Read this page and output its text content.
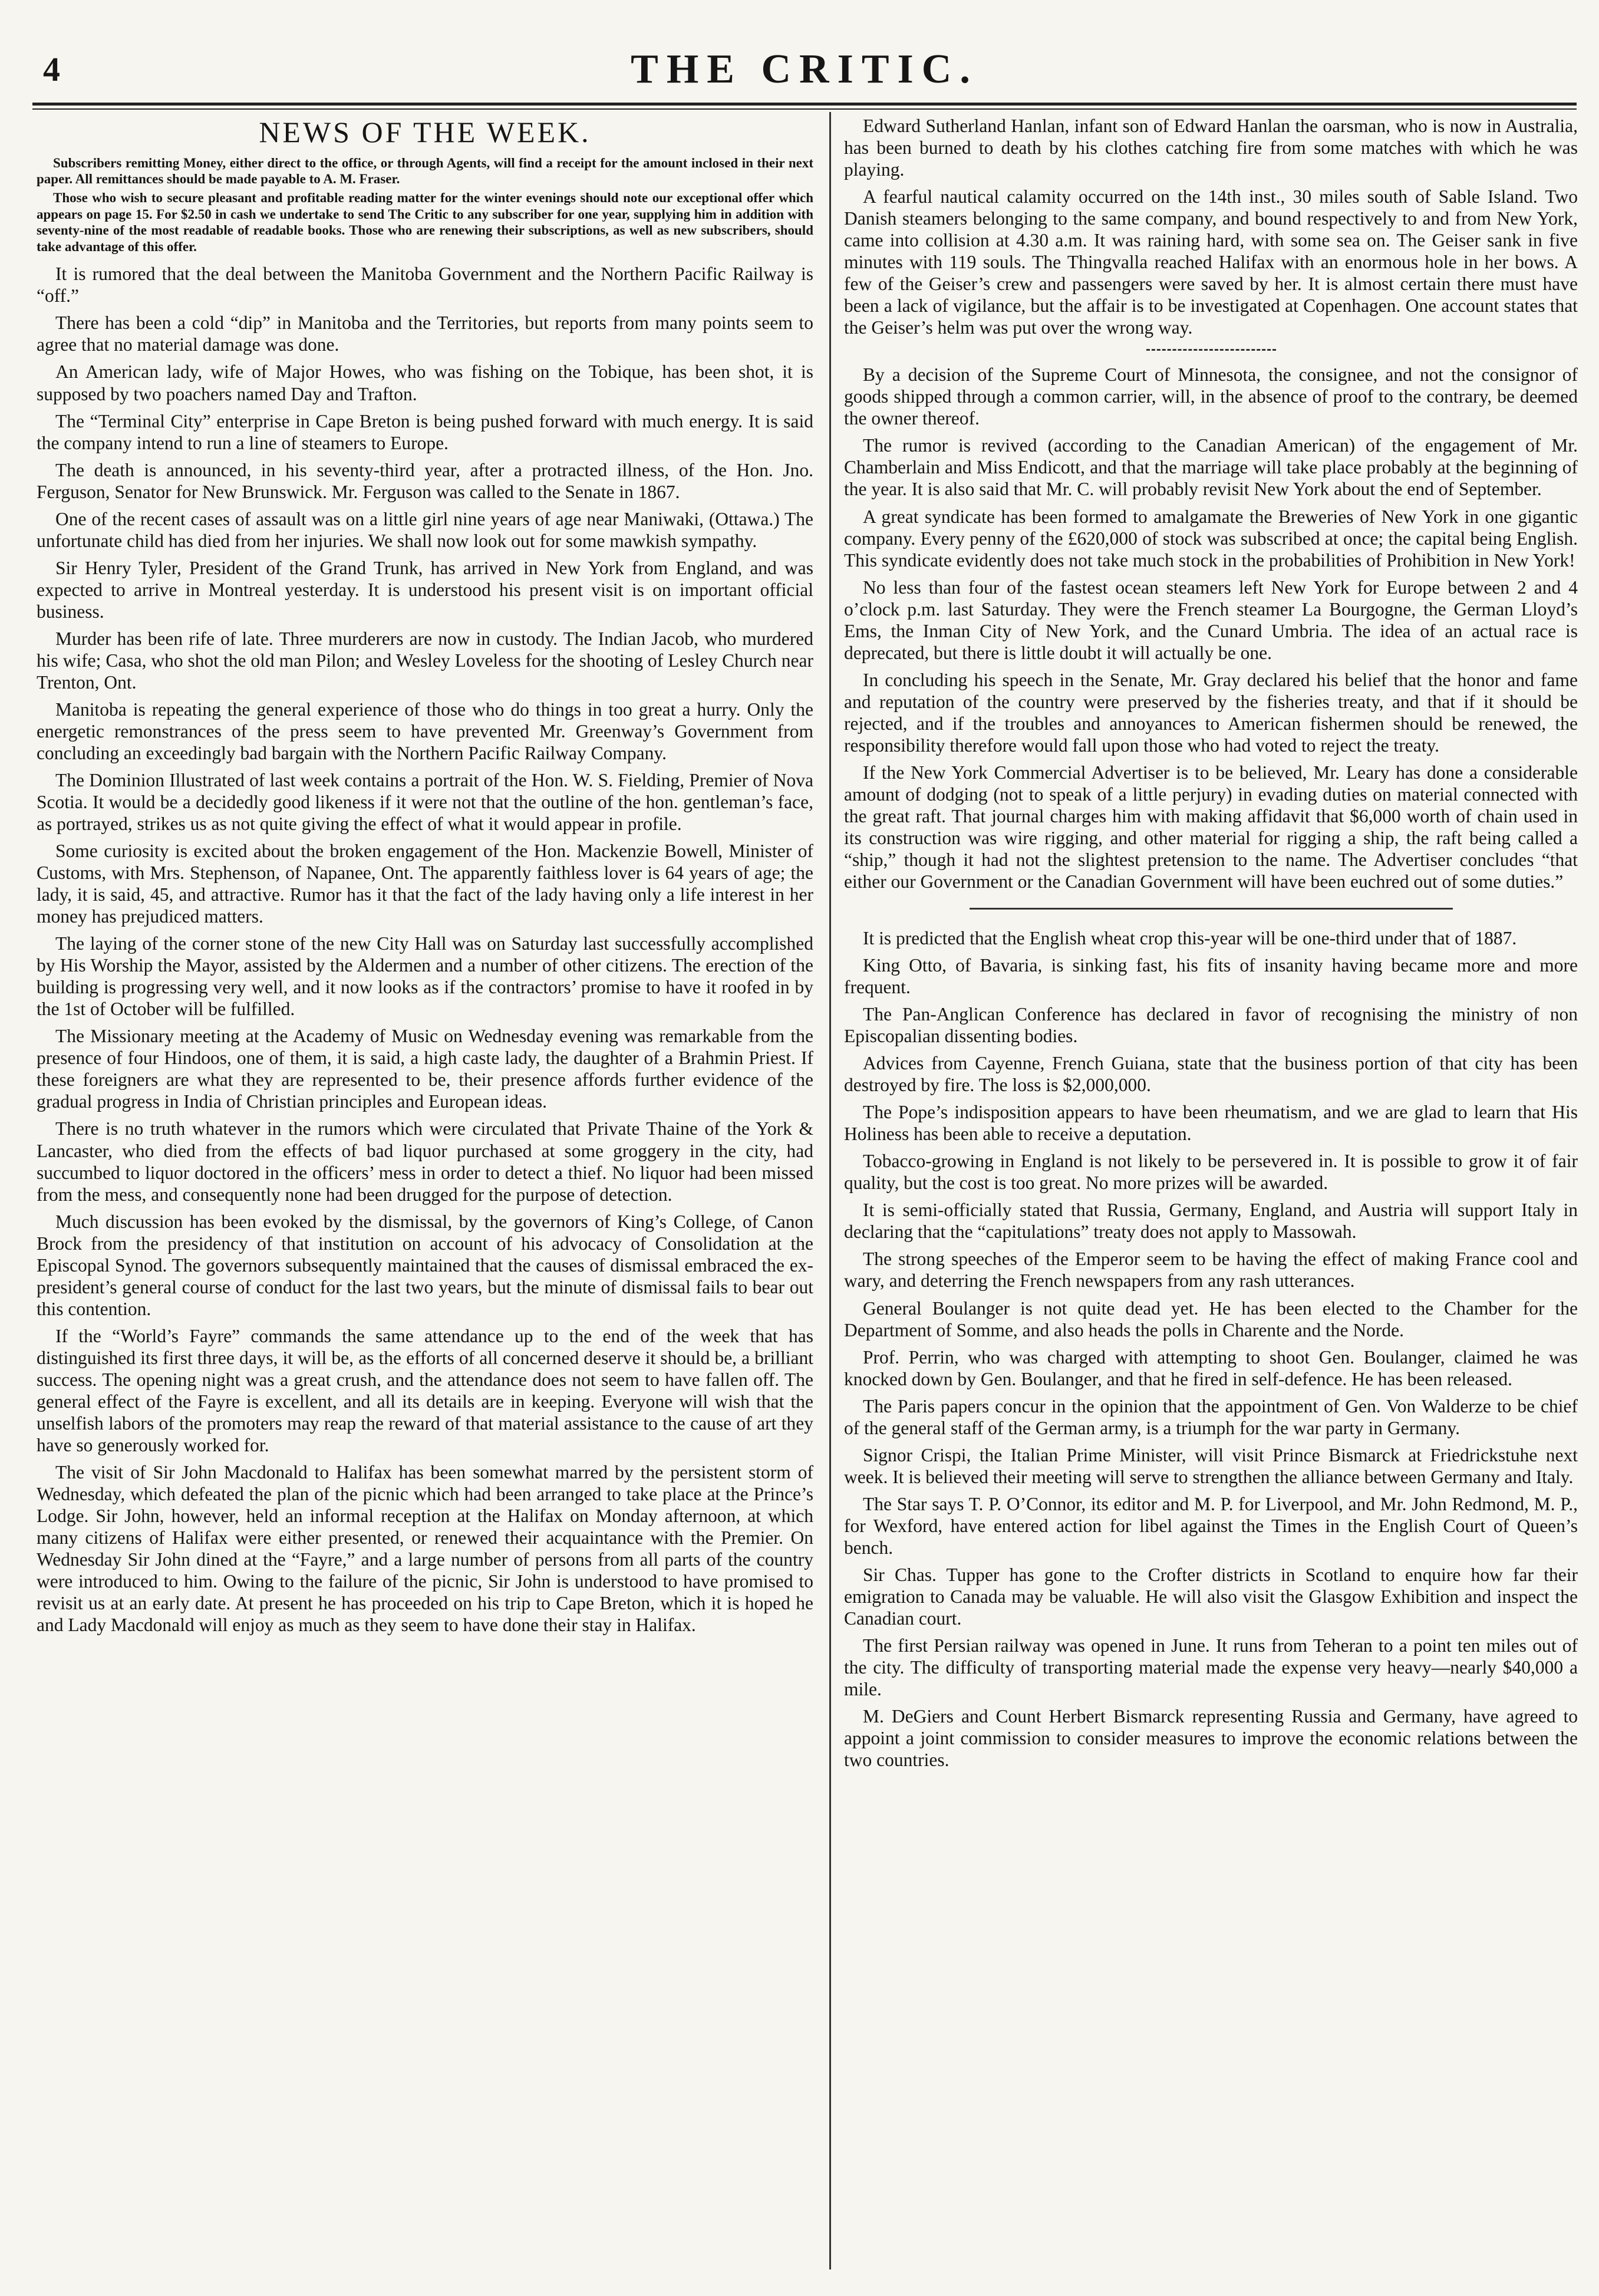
4	THE CRITIC.

NEWS OF THE WEEK.

Subscribers remitting Money, either direct to the office, or through Agents, will find a receipt for the amount inclosed in their next paper. All remittances should be made payable to A. M. Fraser.

Those who wish to secure pleasant and profitable reading matter for the winter evenings should note our exceptional offer which appears on page 15. For $2.50 in cash we undertake to send The Critic to any subscriber for one year, supplying him in addition with seventy-nine of the most readable of readable books. Those who are renewing their subscriptions, as well as new subscribers, should take advantage of this offer.

It is rumored that the deal between the Manitoba Government and the Northern Pacific Railway is “off.”

There has been a cold “dip” in Manitoba and the Territories, but reports from many points seem to agree that no material damage was done.

An American lady, wife of Major Howes, who was fishing on the Tobique, has been shot, it is supposed by two poachers named Day and Trafton.

The “Terminal City” enterprise in Cape Breton is being pushed forward with much energy. It is said the company intend to run a line of steamers to Europe.

The death is announced, in his seventy-third year, after a protracted illness, of the Hon. Jno. Ferguson, Senator for New Brunswick. Mr. Ferguson was called to the Senate in 1867.

One of the recent cases of assault was on a little girl nine years of age near Maniwaki, (Ottawa.) The unfortunate child has died from her injuries. We shall now look out for some mawkish sympathy.

Sir Henry Tyler, President of the Grand Trunk, has arrived in New York from England, and was expected to arrive in Montreal yesterday. It is understood his present visit is on important official business.

Murder has been rife of late. Three murderers are now in custody. The Indian Jacob, who murdered his wife; Casa, who shot the old man Pilon; and Wesley Loveless for the shooting of Lesley Church near Trenton, Ont.

Manitoba is repeating the general experience of those who do things in too great a hurry. Only the energetic remonstrances of the press seem to have prevented Mr. Greenway’s Government from concluding an exceedingly bad bargain with the Northern Pacific Railway Company.

The Dominion Illustrated of last week contains a portrait of the Hon. W. S. Fielding, Premier of Nova Scotia. It would be a decidedly good likeness if it were not that the outline of the hon. gentleman’s face, as portrayed, strikes us as not quite giving the effect of what it would appear in profile.

Some curiosity is excited about the broken engagement of the Hon. Mackenzie Bowell, Minister of Customs, with Mrs. Stephenson, of Napanee, Ont. The apparently faithless lover is 64 years of age; the lady, it is said, 45, and attractive. Rumor has it that the fact of the lady having only a life interest in her money has prejudiced matters.

The laying of the corner stone of the new City Hall was on Saturday last successfully accomplished by His Worship the Mayor, assisted by the Aldermen and a number of other citizens. The erection of the building is progressing very well, and it now looks as if the contractors’ promise to have it roofed in by the 1st of October will be fulfilled.

The Missionary meeting at the Academy of Music on Wednesday evening was remarkable from the presence of four Hindoos, one of them, it is said, a high caste lady, the daughter of a Brahmin Priest. If these foreigners are what they are represented to be, their presence affords further evidence of the gradual progress in India of Christian principles and European ideas.

There is no truth whatever in the rumors which were circulated that Private Thaine of the York & Lancaster, who died from the effects of bad liquor purchased at some groggery in the city, had succumbed to liquor doctored in the officers’ mess in order to detect a thief. No liquor had been missed from the mess, and consequently none had been drugged for the purpose of detection.

Much discussion has been evoked by the dismissal, by the governors of King’s College, of Canon Brock from the presidency of that institution on account of his advocacy of Consolidation at the Episcopal Synod. The governors subsequently maintained that the causes of dismissal embraced the ex-president’s general course of conduct for the last two years, but the minute of dismissal fails to bear out this contention.

If the “World’s Fayre” commands the same attendance up to the end of the week that has distinguished its first three days, it will be, as the efforts of all concerned deserve it should be, a brilliant success. The opening night was a great crush, and the attendance does not seem to have fallen off. The general effect of the Fayre is excellent, and all its details are in keeping. Everyone will wish that the unselfish labors of the promoters may reap the reward of that material assistance to the cause of art they have so generously worked for.

The visit of Sir John Macdonald to Halifax has been somewhat marred by the persistent storm of Wednesday, which defeated the plan of the picnic which had been arranged to take place at the Prince’s Lodge. Sir John, however, held an informal reception at the Halifax on Monday afternoon, at which many citizens of Halifax were either presented, or renewed their acquaintance with the Premier. On Wednesday Sir John dined at the “Fayre,” and a large number of persons from all parts of the country were introduced to him. Owing to the failure of the picnic, Sir John is understood to have promised to revisit us at an early date. At present he has proceeded on his trip to Cape Breton, which it is hoped he and Lady Macdonald will enjoy as much as they seem to have done their stay in Halifax.

Edward Sutherland Hanlan, infant son of Edward Hanlan the oarsman, who is now in Australia, has been burned to death by his clothes catching fire from some matches with which he was playing.

A fearful nautical calamity occurred on the 14th inst., 30 miles south of Sable Island. Two Danish steamers belonging to the same company, and bound respectively to and from New York, came into collision at 4.30 a.m. It was raining hard, with some sea on. The Geiser sank in five minutes with 119 souls. The Thingvalla reached Halifax with an enormous hole in her bows. A few of the Geiser’s crew and passengers were saved by her. It is almost certain there must have been a lack of vigilance, but the affair is to be investigated at Copenhagen. One account states that the Geiser’s helm was put over the wrong way.

By a decision of the Supreme Court of Minnesota, the consignee, and not the consignor of goods shipped through a common carrier, will, in the absence of proof to the contrary, be deemed the owner thereof.

The rumor is revived (according to the Canadian American) of the engagement of Mr. Chamberlain and Miss Endicott, and that the marriage will take place probably at the beginning of the year. It is also said that Mr. C. will probably revisit New York about the end of September.

A great syndicate has been formed to amalgamate the Breweries of New York in one gigantic company. Every penny of the £620,000 of stock was subscribed at once; the capital being English. This syndicate evidently does not take much stock in the probabilities of Prohibition in New York!

No less than four of the fastest ocean steamers left New York for Europe between 2 and 4 o’clock p.m. last Saturday. They were the French steamer La Bourgogne, the German Lloyd’s Ems, the Inman City of New York, and the Cunard Umbria. The idea of an actual race is deprecated, but there is little doubt it will actually be one.

In concluding his speech in the Senate, Mr. Gray declared his belief that the honor and fame and reputation of the country were preserved by the fisheries treaty, and that if it should be rejected, and if the troubles and annoyances to American fishermen should be renewed, the responsibility therefore would fall upon those who had voted to reject the treaty.

If the New York Commercial Advertiser is to be believed, Mr. Leary has done a considerable amount of dodging (not to speak of a little perjury) in evading duties on material connected with the great raft. That journal charges him with making affidavit that $6,000 worth of chain used in its construction was wire rigging, and other material for rigging a ship, the raft being called a “ship,” though it had not the slightest pretension to the name. The Advertiser concludes “that either our Government or the Canadian Government will have been euchred out of some duties.”

It is predicted that the English wheat crop this-year will be one-third under that of 1887.

King Otto, of Bavaria, is sinking fast, his fits of insanity having became more and more frequent.

The Pan-Anglican Conference has declared in favor of recognising the ministry of non Episcopalian dissenting bodies.

Advices from Cayenne, French Guiana, state that the business portion of that city has been destroyed by fire. The loss is $2,000,000.

The Pope’s indisposition appears to have been rheumatism, and we are glad to learn that His Holiness has been able to receive a deputation.

Tobacco-growing in England is not likely to be persevered in. It is possible to grow it of fair quality, but the cost is too great. No more prizes will be awarded.

It is semi-officially stated that Russia, Germany, England, and Austria will support Italy in declaring that the “capitulations” treaty does not apply to Massowah.

The strong speeches of the Emperor seem to be having the effect of making France cool and wary, and deterring the French newspapers from any rash utterances.

General Boulanger is not quite dead yet. He has been elected to the Chamber for the Department of Somme, and also heads the polls in Charente and the Norde.

Prof. Perrin, who was charged with attempting to shoot Gen. Boulanger, claimed he was knocked down by Gen. Boulanger, and that he fired in self-defence. He has been released.

The Paris papers concur in the opinion that the appointment of Gen. Von Walderze to be chief of the general staff of the German army, is a triumph for the war party in Germany.

Signor Crispi, the Italian Prime Minister, will visit Prince Bismarck at Friedrickstuhe next week. It is believed their meeting will serve to strengthen the alliance between Germany and Italy.

The Star says T. P. O’Connor, its editor and M. P. for Liverpool, and Mr. John Redmond, M. P., for Wexford, have entered action for libel against the Times in the English Court of Queen’s bench.

Sir Chas. Tupper has gone to the Crofter districts in Scotland to enquire how far their emigration to Canada may be valuable. He will also visit the Glasgow Exhibition and inspect the Canadian court.

The first Persian railway was opened in June. It runs from Teheran to a point ten miles out of the city. The difficulty of transporting material made the expense very heavy—nearly $40,000 a mile.

M. DeGiers and Count Herbert Bismarck representing Russia and Germany, have agreed to appoint a joint commission to consider measures to improve the economic relations between the two countries.
